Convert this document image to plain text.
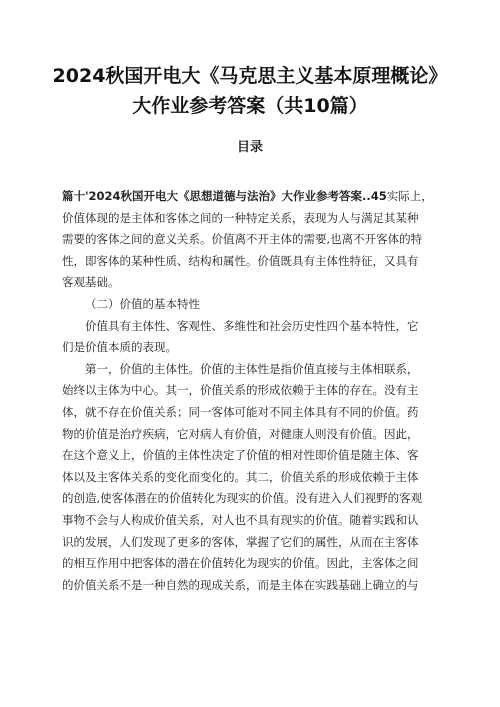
2024秋国开电大《马克思主义基本原理概论》
大作业参考答案（共10篇）
目录
篇十'2024秋国开电大《思想道德与法治》大作业参考答案..45实际上，
价值体现的是主体和客体之间的一种特定关系，表现为人与满足其某种
需要的客体之间的意义关系。价值离不开主体的需要,也离不开客体的特
性，即客体的某种性质、结构和属性。价值既具有主体性特征，又具有
客观基础。
（二）价值的基本特性
价值具有主体性、客观性、多维性和社会历史性四个基本特性，它
们是价值本质的表现。
第一，价值的主体性。价值的主体性是指价值直接与主体相联系，
始终以主体为中心。其一，价值关系的形成依赖于主体的存在。没有主
体，就不存在价值关系；同一客体可能对不同主体具有不同的价值。药
物的价值是治疗疾病，它对病人有价值，对健康人则没有价值。因此，
在这个意义上，价值的主体性决定了价值的相对性即价值是随主体、客
体以及主客体关系的变化而变化的。其二，价值关系的形成依赖于主体
的创造,使客体潜在的价值转化为现实的价值。没有进入人们视野的客观
事物不会与人构成价值关系，对人也不具有现实的价值。随着实践和认
识的发展，人们发现了更多的客体，掌握了它们的属性，从而在主客体
的相互作用中把客体的潜在价值转化为现实的价值。因此，主客体之间
的价值关系不是一种自然的现成关系，而是主体在实践基础上确立的与
